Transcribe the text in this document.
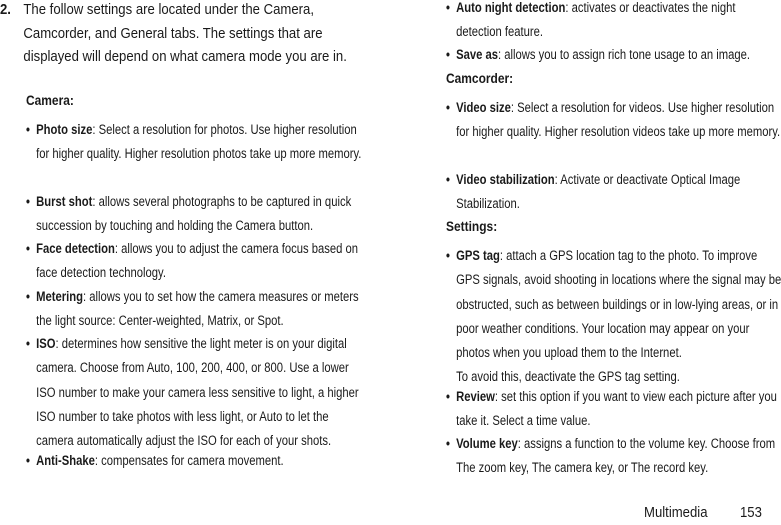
2. The follow settings are located under the Camera, Camcorder, and General tabs. The settings that are displayed will depend on what camera mode you are in.
Camera:
• Photo size: Select a resolution for photos. Use higher resolution for higher quality. Higher resolution photos take up more memory.
• Burst shot: allows several photographs to be captured in quick succession by touching and holding the Camera button.
• Face detection: allows you to adjust the camera focus based on face detection technology.
• Metering: allows you to set how the camera measures or meters the light source: Center-weighted, Matrix, or Spot.
• ISO: determines how sensitive the light meter is on your digital camera. Choose from Auto, 100, 200, 400, or 800. Use a lower ISO number to make your camera less sensitive to light, a higher ISO number to take photos with less light, or Auto to let the camera automatically adjust the ISO for each of your shots.
• Anti-Shake: compensates for camera movement.
• Auto night detection: activates or deactivates the night detection feature.
• Save as: allows you to assign rich tone usage to an image.
Camcorder:
• Video size: Select a resolution for videos. Use higher resolution for higher quality. Higher resolution videos take up more memory.
• Video stabilization: Activate or deactivate Optical Image Stabilization.
Settings:
• GPS tag: attach a GPS location tag to the photo. To improve GPS signals, avoid shooting in locations where the signal may be obstructed, such as between buildings or in low-lying areas, or in poor weather conditions. Your location may appear on your photos when you upload them to the Internet.
To avoid this, deactivate the GPS tag setting.
• Review: set this option if you want to view each picture after you take it. Select a time value.
• Volume key: assigns a function to the volume key. Choose from The zoom key, The camera key, or The record key.
Multimedia 153
